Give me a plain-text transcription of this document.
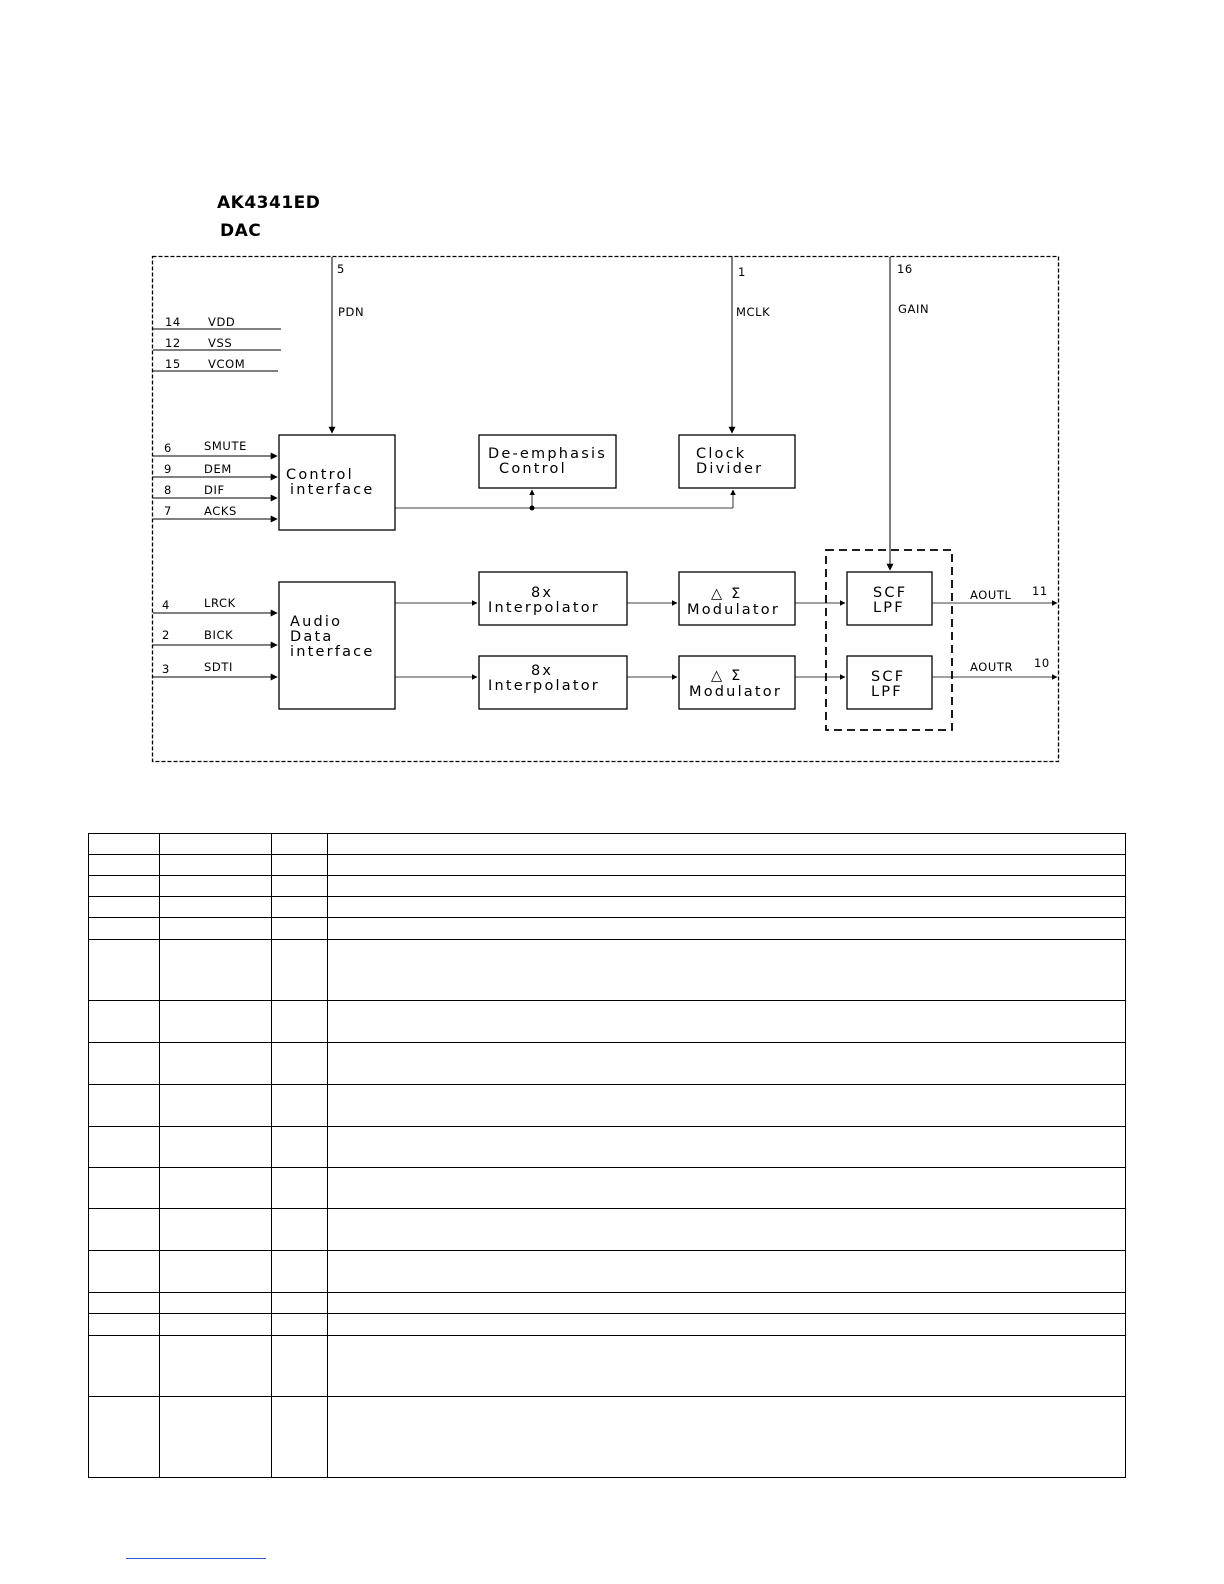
AK4341ED
DAC
5
PDN
1
MCLK
16
GAIN
14 VDD
12 VSS
15 VCOM
6	SMUTE
9	DEM
8	DIF
7	ACKS
4	LRCK
2	BICK
3	SDTI
Control
interface
De-emphasis
Control
Clock
Divider
Audio
Data
interface
8x
Interpolator
8x
Interpolator
△ Σ
Modulator
△ Σ
Modulator
SCF
LPF
SCF
LPF
AOUTL 11
AOUTR 10
